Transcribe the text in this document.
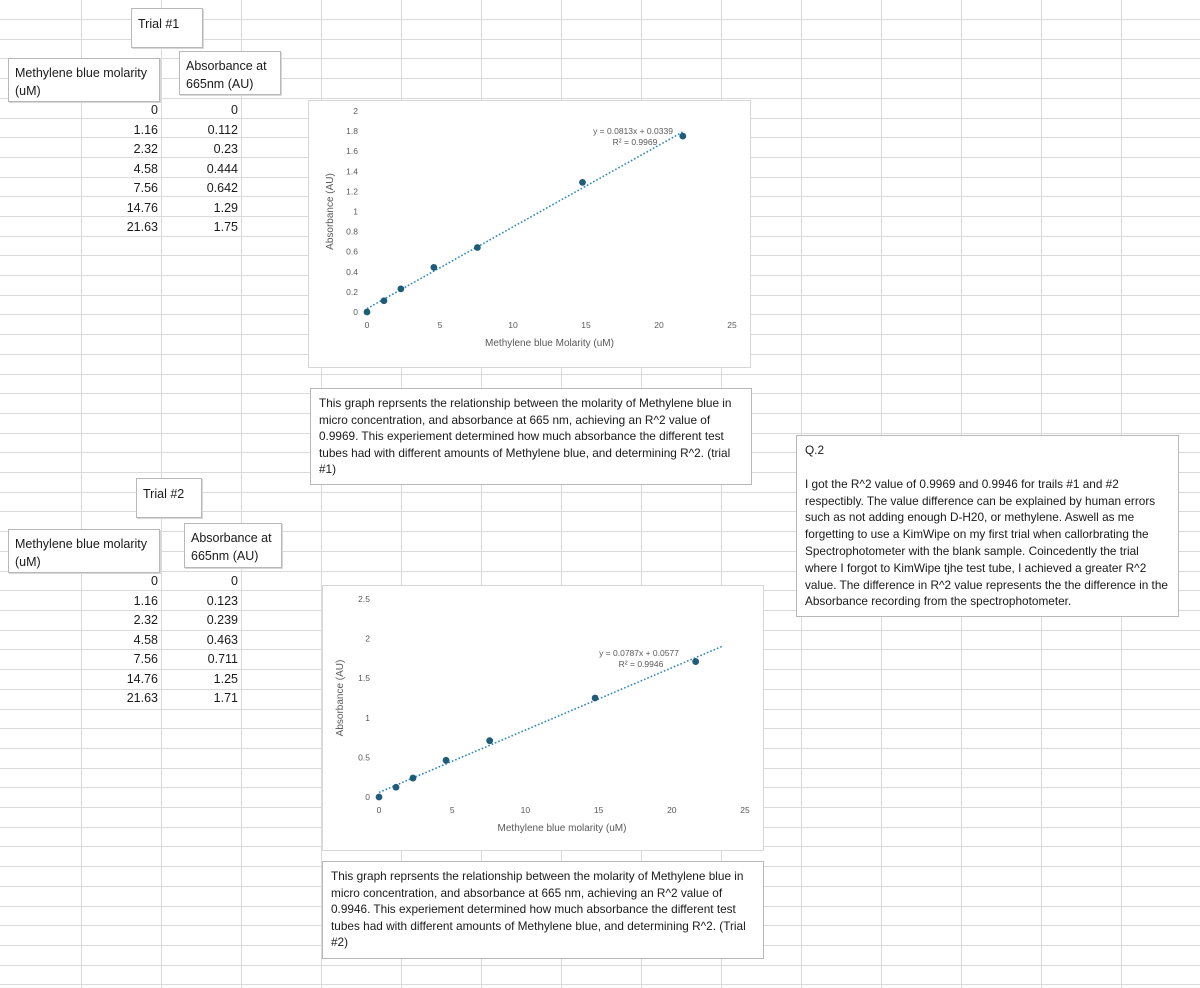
Trial #1
Methylene blue molarity (uM)
Absorbance at 665nm (AU)
0	0
1.16	0.112
2.32	0.23
4.58	0.444
7.56	0.642
14.76	1.29
21.63	1.75
0
0.2
0.4
0.6
0.8
1
1.2
1.4
1.6
1.8
2
0	5	10	15	20	25
Methylene blue Molarity (uM)
Absorbance (AU)
y = 0.0813x + 0.0339
R² = 0.9969
This graph reprsents the relationship between the molarity of Methylene blue in micro concentration, and absorbance at 665 nm, achieving an R^2 value of 0.9969. This experiement determined how much absorbance the different test tubes had with different amounts of Methylene blue, and determining R^2. (trial #1)
Q.2
I got the R^2 value of 0.9969 and 0.9946 for trails #1 and #2 respectibly. The value difference can be explained by human errors such as not adding enough D-H20, or methylene. Aswell as me forgetting to use a KimWipe on my first trial when callorbrating the Spectrophotometer with the blank sample. Coincedently the trial where I forgot to KimWipe tjhe test tube, I achieved a greater R^2 value. The difference in R^2 value represents the the difference in the Absorbance recording from the spectrophotometer.
Trial #2
Methylene blue molarity (uM)
Absorbance at 665nm (AU)
0	0
1.16	0.123
2.32	0.239
4.58	0.463
7.56	0.711
14.76	1.25
21.63	1.71
0
0.5
1
1.5
2
2.5
0	5	10	15	20	25
Methylene blue molarity (uM)
Absorbance (AU)
y = 0.0787x + 0.0577
R² = 0.9946
This graph reprsents the relationship between the molarity of Methylene blue in micro concentration, and absorbance at 665 nm, achieving an R^2 value of 0.9946. This experiement determined how much absorbance the different test tubes had with different amounts of Methylene blue, and determining R^2. (Trial #2)
